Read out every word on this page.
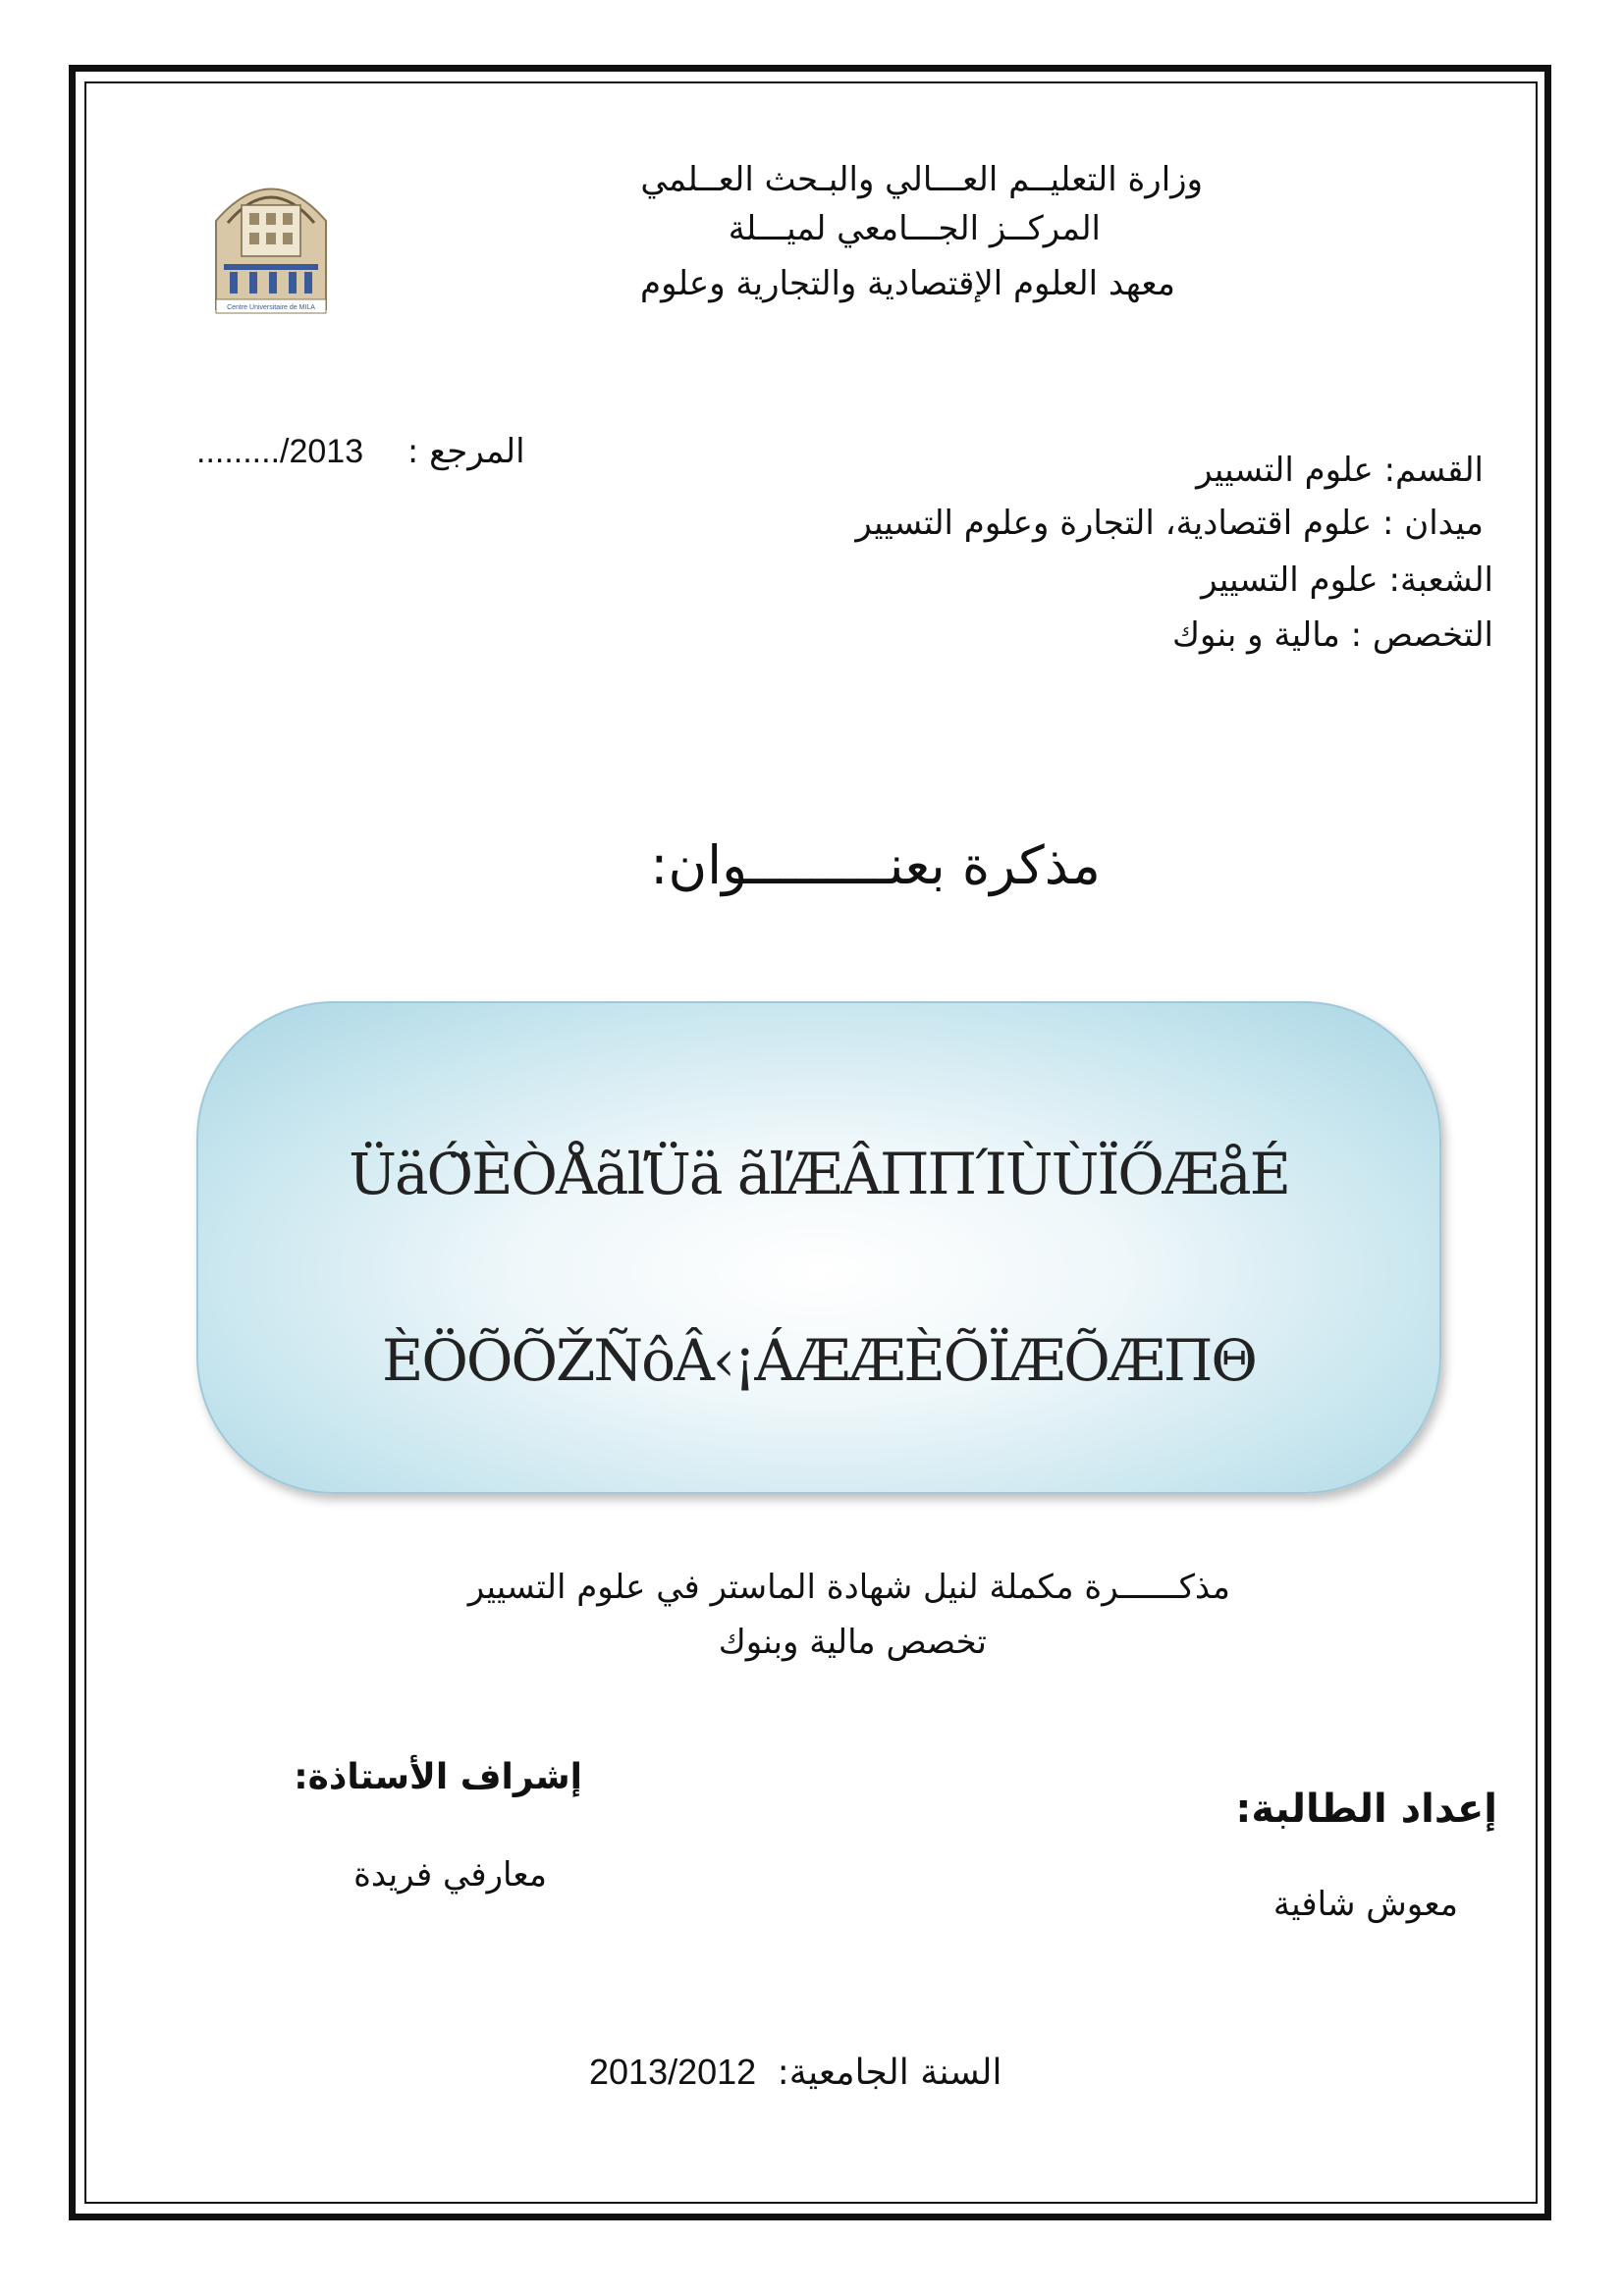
Centre Universitaire de MILA
وزارة التعليــم العـــالي والبـحث العــلمي
المركــز الجـــامعي لميـــلة
معهد العلوم الإقتصادية والتجارية وعلوم
........./2013 المرجع :	القسم: علوم التسيير
ميدان : علوم اقتصادية، التجارة وعلوم التسيير
الشعبة: علوم التسيير
التخصص : مالية و بنوك
مذكرة بعنـــــــــوان:
ÜäÓ̈ÈÒÅãľÜä ãľÆÂΠΠΊÙÙÏŐÆåÉ
ÈÖÕÕŽÑôÂ‹¡ÁÆÆÈÕÏÆÕÆΠΘ
مذكــــــرة مكملة لنيل شهادة الماستر في علوم التسيير
تخصص مالية وبنوك
إشراف الأستاذة:
معارفي فريدة
إعداد الطالبة:
معوش شافية
2013/2012 السنة الجامعية:
